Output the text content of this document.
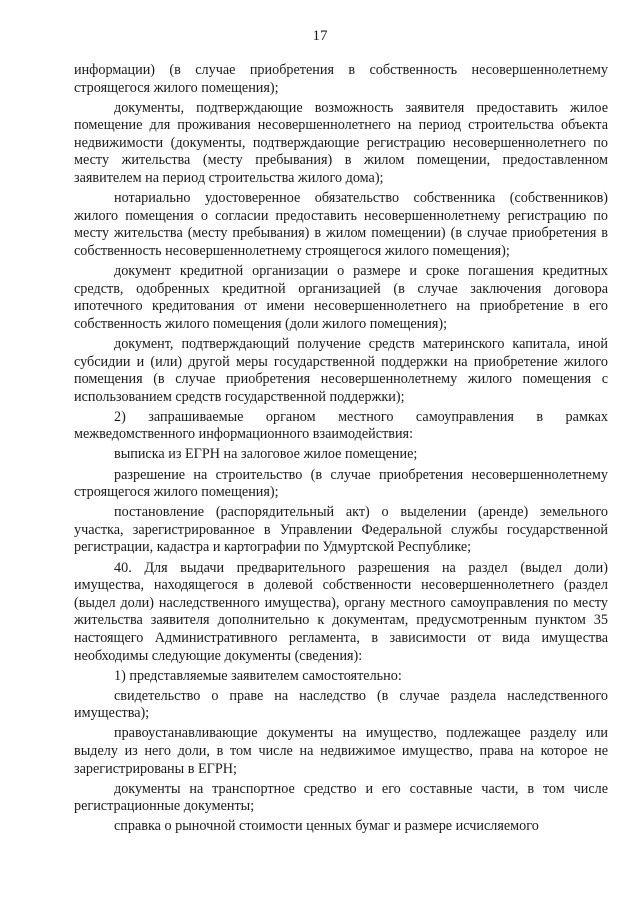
17

информации) (в случае приобретения в собственность несовершеннолетнему строящегося жилого помещения);

документы, подтверждающие возможность заявителя предоставить жилое помещение для проживания несовершеннолетнего на период строительства объекта недвижимости (документы, подтверждающие регистрацию несовершеннолетнего по месту жительства (месту пребывания) в жилом помещении, предоставленном заявителем на период строительства жилого дома);

нотариально удостоверенное обязательство собственника (собственников) жилого помещения о согласии предоставить несовершеннолетнему регистрацию по месту жительства (месту пребывания) в жилом помещении) (в случае приобретения в собственность несовершеннолетнему строящегося жилого помещения);

документ кредитной организации о размере и сроке погашения кредитных средств, одобренных кредитной организацией (в случае заключения договора ипотечного кредитования от имени несовершеннолетнего на приобретение в его собственность жилого помещения (доли жилого помещения);

документ, подтверждающий получение средств материнского капитала, иной субсидии и (или) другой меры государственной поддержки на приобретение жилого помещения (в случае приобретения несовершеннолетнему жилого помещения с использованием средств государственной поддержки);

2) запрашиваемые органом местного самоуправления в рамках межведомственного информационного взаимодействия:

выписка из ЕГРН на залоговое жилое помещение;

разрешение на строительство (в случае приобретения несовершеннолетнему строящегося жилого помещения);

постановление (распорядительный акт) о выделении (аренде) земельного участка, зарегистрированное в Управлении Федеральной службы государственной регистрации, кадастра и картографии по Удмуртской Республике;

40. Для выдачи предварительного разрешения на раздел (выдел доли) имущества, находящегося в долевой собственности несовершеннолетнего (раздел (выдел доли) наследственного имущества), органу местного самоуправления по месту жительства заявителя дополнительно к документам, предусмотренным пунктом 35 настоящего Административного регламента, в зависимости от вида имущества необходимы следующие документы (сведения):

1) представляемые заявителем самостоятельно:

свидетельство о праве на наследство (в случае раздела наследственного имущества);

правоустанавливающие документы на имущество, подлежащее разделу или выделу из него доли, в том числе на недвижимое имущество, права на которое не зарегистрированы в ЕГРН;

документы на транспортное средство и его составные части, в том числе регистрационные документы;

справка о рыночной стоимости ценных бумаг и размере исчисляемого
